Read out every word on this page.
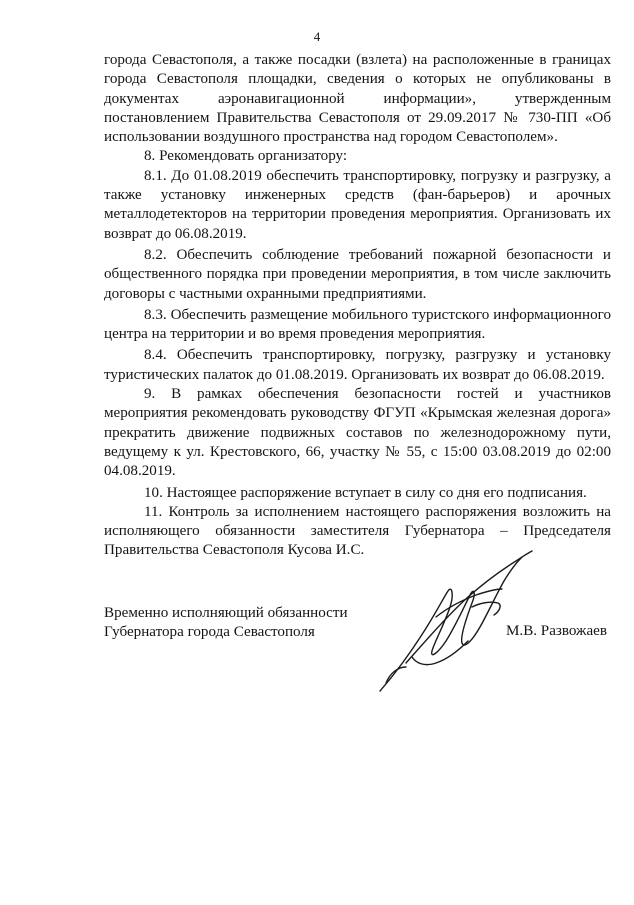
4

города Севастополя, а также посадки (взлета) на расположенные в границах города Севастополя площадки, сведения о которых не опубликованы в документах аэронавигационной информации», утвержденным постановлением Правительства Севастополя от 29.09.2017 № 730-ПП «Об использовании воздушного пространства над городом Севастополем».

8. Рекомендовать организатору:

8.1. До 01.08.2019 обеспечить транспортировку, погрузку и разгрузку, а также установку инженерных средств (фан-барьеров) и арочных металлодетекторов на территории проведения мероприятия. Организовать их возврат до 06.08.2019.

8.2. Обеспечить соблюдение требований пожарной безопасности и общественного порядка при проведении мероприятия, в том числе заключить договоры с частными охранными предприятиями.

8.3. Обеспечить размещение мобильного туристского информационного центра на территории и во время проведения мероприятия.

8.4. Обеспечить транспортировку, погрузку, разгрузку и установку туристических палаток до 01.08.2019. Организовать их возврат до 06.08.2019.

9. В рамках обеспечения безопасности гостей и участников мероприятия рекомендовать руководству ФГУП «Крымская железная дорога» прекратить движение подвижных составов по железнодорожному пути, ведущему к ул. Крестовского, 66, участку № 55, с 15:00 03.08.2019 до 02:00 04.08.2019.

10. Настоящее распоряжение вступает в силу со дня его подписания.

11. Контроль за исполнением настоящего распоряжения возложить на исполняющего обязанности заместителя Губернатора – Председателя Правительства Севастополя Кусова И.С.

Временно исполняющий обязанности
Губернатора города Севастополя	М.В. Развожаев
